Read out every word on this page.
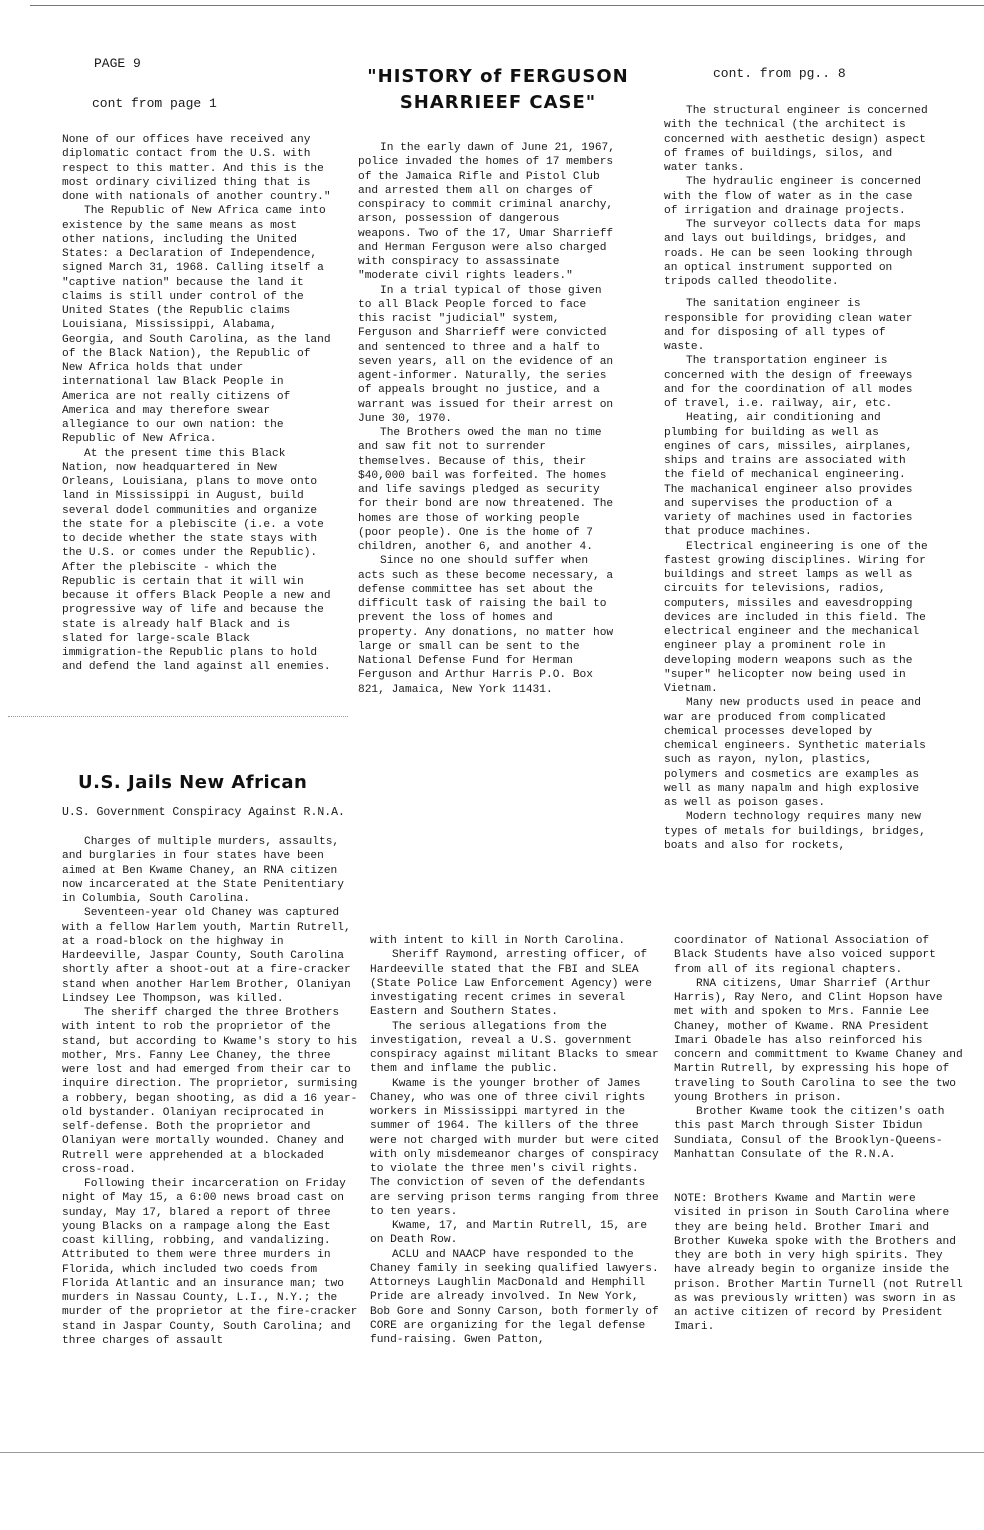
PAGE 9
cont from page 1
cont. from pg.. 8
"HISTORY of FERGUSON
SHARRIEEF CASE"

None of our offices have received any diplomatic contact from the U.S. with respect to this matter. And this is the most ordinary civilized thing that is done with nationals of another country."

The Republic of New Africa came into existence by the same means as most other nations, including the United States: a Declaration of Independence, signed March 31, 1968. Calling itself a "captive nation" because the land it claims is still under control of the United States (the Republic claims Louisiana, Mississippi, Alabama, Georgia, and South Carolina, as the land of the Black Nation), the Republic of New Africa holds that under international law Black People in America are not really citizens of America and may therefore swear allegiance to our own nation: the Republic of New Africa.

At the present time this Black Nation, now headquartered in New Orleans, Louisiana, plans to move onto land in Mississippi in August, build several dodel communities and organize the state for a plebiscite (i.e. a vote to decide whether the state stays with the U.S. or comes under the Republic). After the plebiscite - which the Republic is certain that it will win because it offers Black People a new and progressive way of life and because the state is already half Black and is slated for large-scale Black immigration-the Republic plans to hold and defend the land against all enemies.

In the early dawn of June 21, 1967, police invaded the homes of 17 members of the Jamaica Rifle and Pistol Club and arrested them all on charges of conspiracy to commit criminal anarchy, arson, possession of dangerous weapons. Two of the 17, Umar Sharrieff and Herman Ferguson were also charged with conspiracy to assassinate "moderate civil rights leaders."

In a trial typical of those given to all Black People forced to face this racist "judicial" system, Ferguson and Sharrieff were convicted and sentenced to three and a half to seven years, all on the evidence of an agent-informer. Naturally, the series of appeals brought no justice, and a warrant was issued for their arrest on June 30, 1970.

The Brothers owed the man no time and saw fit not to surrender themselves. Because of this, their $40,000 bail was forfeited. The homes and life savings pledged as security for their bond are now threatened. The homes are those of working people (poor people). One is the home of 7 children, another 6, and another 4.

Since no one should suffer when acts such as these become necessary, a defense committee has set about the difficult task of raising the bail to prevent the loss of homes and property. Any donations, no matter how large or small can be sent to the National Defense Fund for Herman Ferguson and Arthur Harris P.O. Box 821, Jamaica, New York 11431.

The structural engineer is concerned with the technical (the architect is concerned with aesthetic design) aspect of frames of buildings, silos, and water tanks.

The hydraulic engineer is concerned with the flow of water as in the case of irrigation and drainage projects.

The surveyor collects data for maps and lays out buildings, bridges, and roads. He can be seen looking through an optical instrument supported on tripods called theodolite.

The sanitation engineer is responsible for providing clean water and for disposing of all types of waste.

The transportation engineer is concerned with the design of freeways and for the coordination of all modes of travel, i.e. railway, air, etc.

Heating, air conditioning and plumbing for building as well as engines of cars, missiles, airplanes, ships and trains are associated with the field of mechanical engineering.

The machanical engineer also provides and supervises the production of a variety of machines used in factories that produce machines.

Electrical engineering is one of the fastest growing disciplines. Wiring for buildings and street lamps as well as circuits for televisions, radios, computers, missiles and eavesdropping devices are included in this field. The electrical engineer and the mechanical engineer play a prominent role in developing modern weapons such as the "super" helicopter now being used in Vietnam.

Many new products used in peace and war are produced from complicated chemical processes developed by chemical engineers. Synthetic materials such as rayon, nylon, plastics, polymers and cosmetics are examples as well as many napalm and high explosive as well as poison gases.

Modern technology requires many new types of metals for buildings, bridges, boats and also for rockets,

U.S. Jails New African
U.S. Government Conspiracy Against R.N.A.

Charges of multiple murders, assaults, and burglaries in four states have been aimed at Ben Kwame Chaney, an RNA citizen now incarcerated at the State Penitentiary in Columbia, South Carolina.

Seventeen-year old Chaney was captured with a fellow Harlem youth, Martin Rutrell, at a road-block on the highway in Hardeeville, Jaspar County, South Carolina shortly after a shoot-out at a fire-cracker stand when another Harlem Brother, Olaniyan Lindsey Lee Thompson, was killed.

The sheriff charged the three Brothers with intent to rob the proprietor of the stand, but according to Kwame's story to his mother, Mrs. Fanny Lee Chaney, the three were lost and had emerged from their car to inquire direction. The proprietor, surmising a robbery, began shooting, as did a 16 year-old bystander. Olaniyan reciprocated in self-defense. Both the proprietor and Olaniyan were mortally wounded. Chaney and Rutrell were apprehended at a blockaded cross-road.

Following their incarceration on Friday night of May 15, a 6:00 news broad cast on sunday, May 17, blared a report of three young Blacks on a rampage along the East coast killing, robbing, and vandalizing. Attributed to them were three murders in Florida, which included two coeds from Florida Atlantic and an insurance man; two murders in Nassau County, L.I., N.Y.; the murder of the proprietor at the fire-cracker stand in Jaspar County, South Carolina; and three charges of assault

with intent to kill in North Carolina.

Sheriff Raymond, arresting officer, of Hardeeville stated that the FBI and SLEA (State Police Law Enforcement Agency) were investigating recent crimes in several Eastern and Southern States.

The serious allegations from the investigation, reveal a U.S. government conspiracy against militant Blacks to smear them and inflame the public.

Kwame is the younger brother of James Chaney, who was one of three civil rights workers in Mississippi martyred in the summer of 1964. The killers of the three were not charged with murder but were cited with only misdemeanor charges of conspiracy to violate the three men's civil rights. The conviction of seven of the defendants are serving prison terms ranging from three to ten years.

Kwame, 17, and Martin Rutrell, 15, are on Death Row.

ACLU and NAACP have responded to the Chaney family in seeking qualified lawyers. Attorneys Laughlin MacDonald and Hemphill Pride are already involved. In New York, Bob Gore and Sonny Carson, both formerly of CORE are organizing for the legal defense fund-raising. Gwen Patton,

coordinator of National Association of Black Students have also voiced support from all of its regional chapters.

RNA citizens, Umar Sharrief (Arthur Harris), Ray Nero, and Clint Hopson have met with and spoken to Mrs. Fannie Lee Chaney, mother of Kwame. RNA President Imari Obadele has also reinforced his concern and committment to Kwame Chaney and Martin Rutrell, by expressing his hope of traveling to South Carolina to see the two young Brothers in prison.

Brother Kwame took the citizen's oath this past March through Sister Ibidun Sundiata, Consul of the Brooklyn-Queens-Manhattan Consulate of the R.N.A.

NOTE: Brothers Kwame and Martin were visited in prison in South Carolina where they are being held. Brother Imari and Brother Kuweka spoke with the Brothers and they are both in very high spirits. They have already begin to organize inside the prison. Brother Martin Turnell (not Rutrell as was previously written) was sworn in as an active citizen of record by President Imari.
